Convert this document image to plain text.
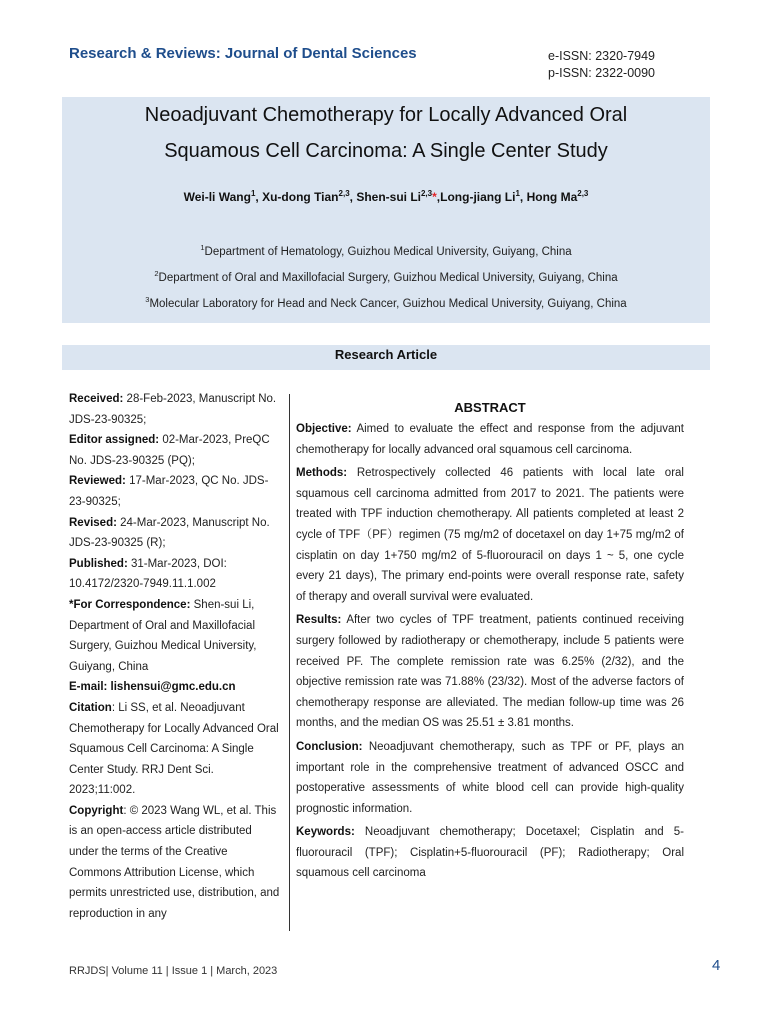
Research & Reviews: Journal of Dental Sciences	e-ISSN: 2320-7949
p-ISSN: 2322-0090
Neoadjuvant Chemotherapy for Locally Advanced Oral
Squamous Cell Carcinoma: A Single Center Study
Wei-li Wang$^1$, Xu-dong Tian$^{2,3}$, Shen-sui Li$^{2,3}$*,Long-jiang Li$^1$, Hong Ma$^{2,3}$
$^1$Department of Hematology, Guizhou Medical University, Guiyang, China
$^2$Department of Oral and Maxillofacial Surgery, Guizhou Medical University, Guiyang, China
$^3$Molecular Laboratory for Head and Neck Cancer, Guizhou Medical University, Guiyang, China
Research Article

Received: 28-Feb-2023, Manuscript No. JDS-23-90325;

Editor assigned: 02-Mar-2023, PreQC No. JDS-23-90325 (PQ);

Reviewed: 17-Mar-2023, QC No. JDS-23-90325;

Revised: 24-Mar-2023, Manuscript No. JDS-23-90325 (R);

Published: 31-Mar-2023, DOI: 10.4172/2320-7949.11.1.002

*For Correspondence: Shen-sui Li, Department of Oral and Maxillofacial Surgery, Guizhou Medical University, Guiyang, China

E-mail: lishensui@gmc.edu.cn

Citation: Li SS, et al. Neoadjuvant Chemotherapy for Locally Advanced Oral Squamous Cell Carcinoma: A Single Center Study. RRJ Dent Sci. 2023;11:002.

Copyright: © 2023 Wang WL, et al. This is an open-access article distributed under the terms of the Creative Commons Attribution License, which permits unrestricted use, distribution, and reproduction in any

ABSTRACT

Objective: Aimed to evaluate the effect and response from the adjuvant chemotherapy for locally advanced oral squamous cell carcinoma.

Methods: Retrospectively collected 46 patients with local late oral squamous cell carcinoma admitted from 2017 to 2021. The patients were treated with TPF induction chemotherapy. All patients completed at least 2 cycle of TPF（PF）regimen (75 mg/m2 of docetaxel on day 1+75 mg/m2 of cisplatin on day 1+750 mg/m2 of 5-fluorouracil on days 1 ~ 5, one cycle every 21 days), The primary end-points were overall response rate, safety of therapy and overall survival were evaluated.

Results: After two cycles of TPF treatment, patients continued receiving surgery followed by radiotherapy or chemotherapy, include 5 patients were received PF. The complete remission rate was 6.25% (2/32), and the objective remission rate was 71.88% (23/32). Most of the adverse factors of chemotherapy response are alleviated. The median follow-up time was 26 months, and the median OS was 25.51 ± 3.81 months.

Conclusion: Neoadjuvant chemotherapy, such as TPF or PF, plays an important role in the comprehensive treatment of advanced OSCC and postoperative assessments of white blood cell can provide high-quality prognostic information.

Keywords: Neoadjuvant chemotherapy; Docetaxel; Cisplatin and 5-fluorouracil (TPF); Cisplatin+5-fluorouracil (PF); Radiotherapy; Oral squamous cell carcinoma

RRJDS| Volume 11 | Issue 1 | March, 2023	4
